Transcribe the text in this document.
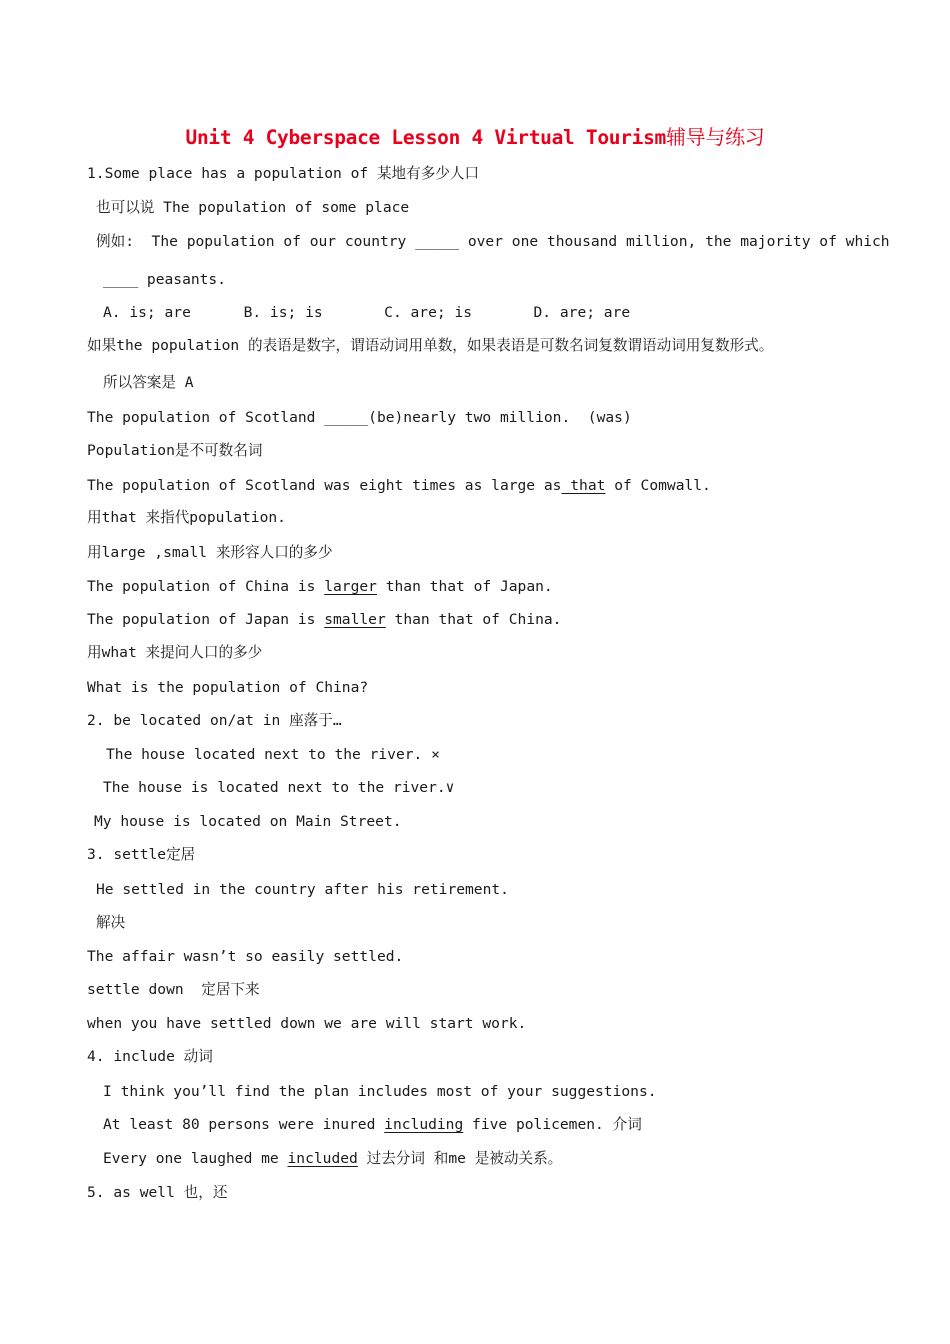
Unit 4 Cyberspace Lesson 4 Virtual Tourism辅导与练习
1.Some place has a population of 某地有多少人口
也可以说 The population of some place
例如:  The population of our country _____ over one thousand million, the majority of which
____ peasants.
A. is; are      B. is; is       C. are; is       D. are; are
如果the population 的表语是数字，谓语动词用单数，如果表语是可数名词复数谓语动词用复数形式。
所以答案是 A
The population of Scotland _____(be)nearly two million.  (was)
Population是不可数名词
The population of Scotland was eight times as large as that of Comwall.
用that 来指代population.
用large ,small 来形容人口的多少
The population of China is larger than that of Japan.
The population of Japan is smaller than that of China.
用what 来提问人口的多少
What is the population of China?
2. be located on/at in 座落于…
The house located next to the river. ×
The house is located next to the river.∨
My house is located on Main Street.
3. settle定居
He settled in the country after his retirement.
解决
The affair wasn’t so easily settled.
settle down  定居下来
when you have settled down we are will start work.
4. include 动词
I think you’ll find the plan includes most of your suggestions.
At least 80 persons were inured including five policemen. 介词
Every one laughed me included 过去分词 和me 是被动关系。
5. as well 也，还
